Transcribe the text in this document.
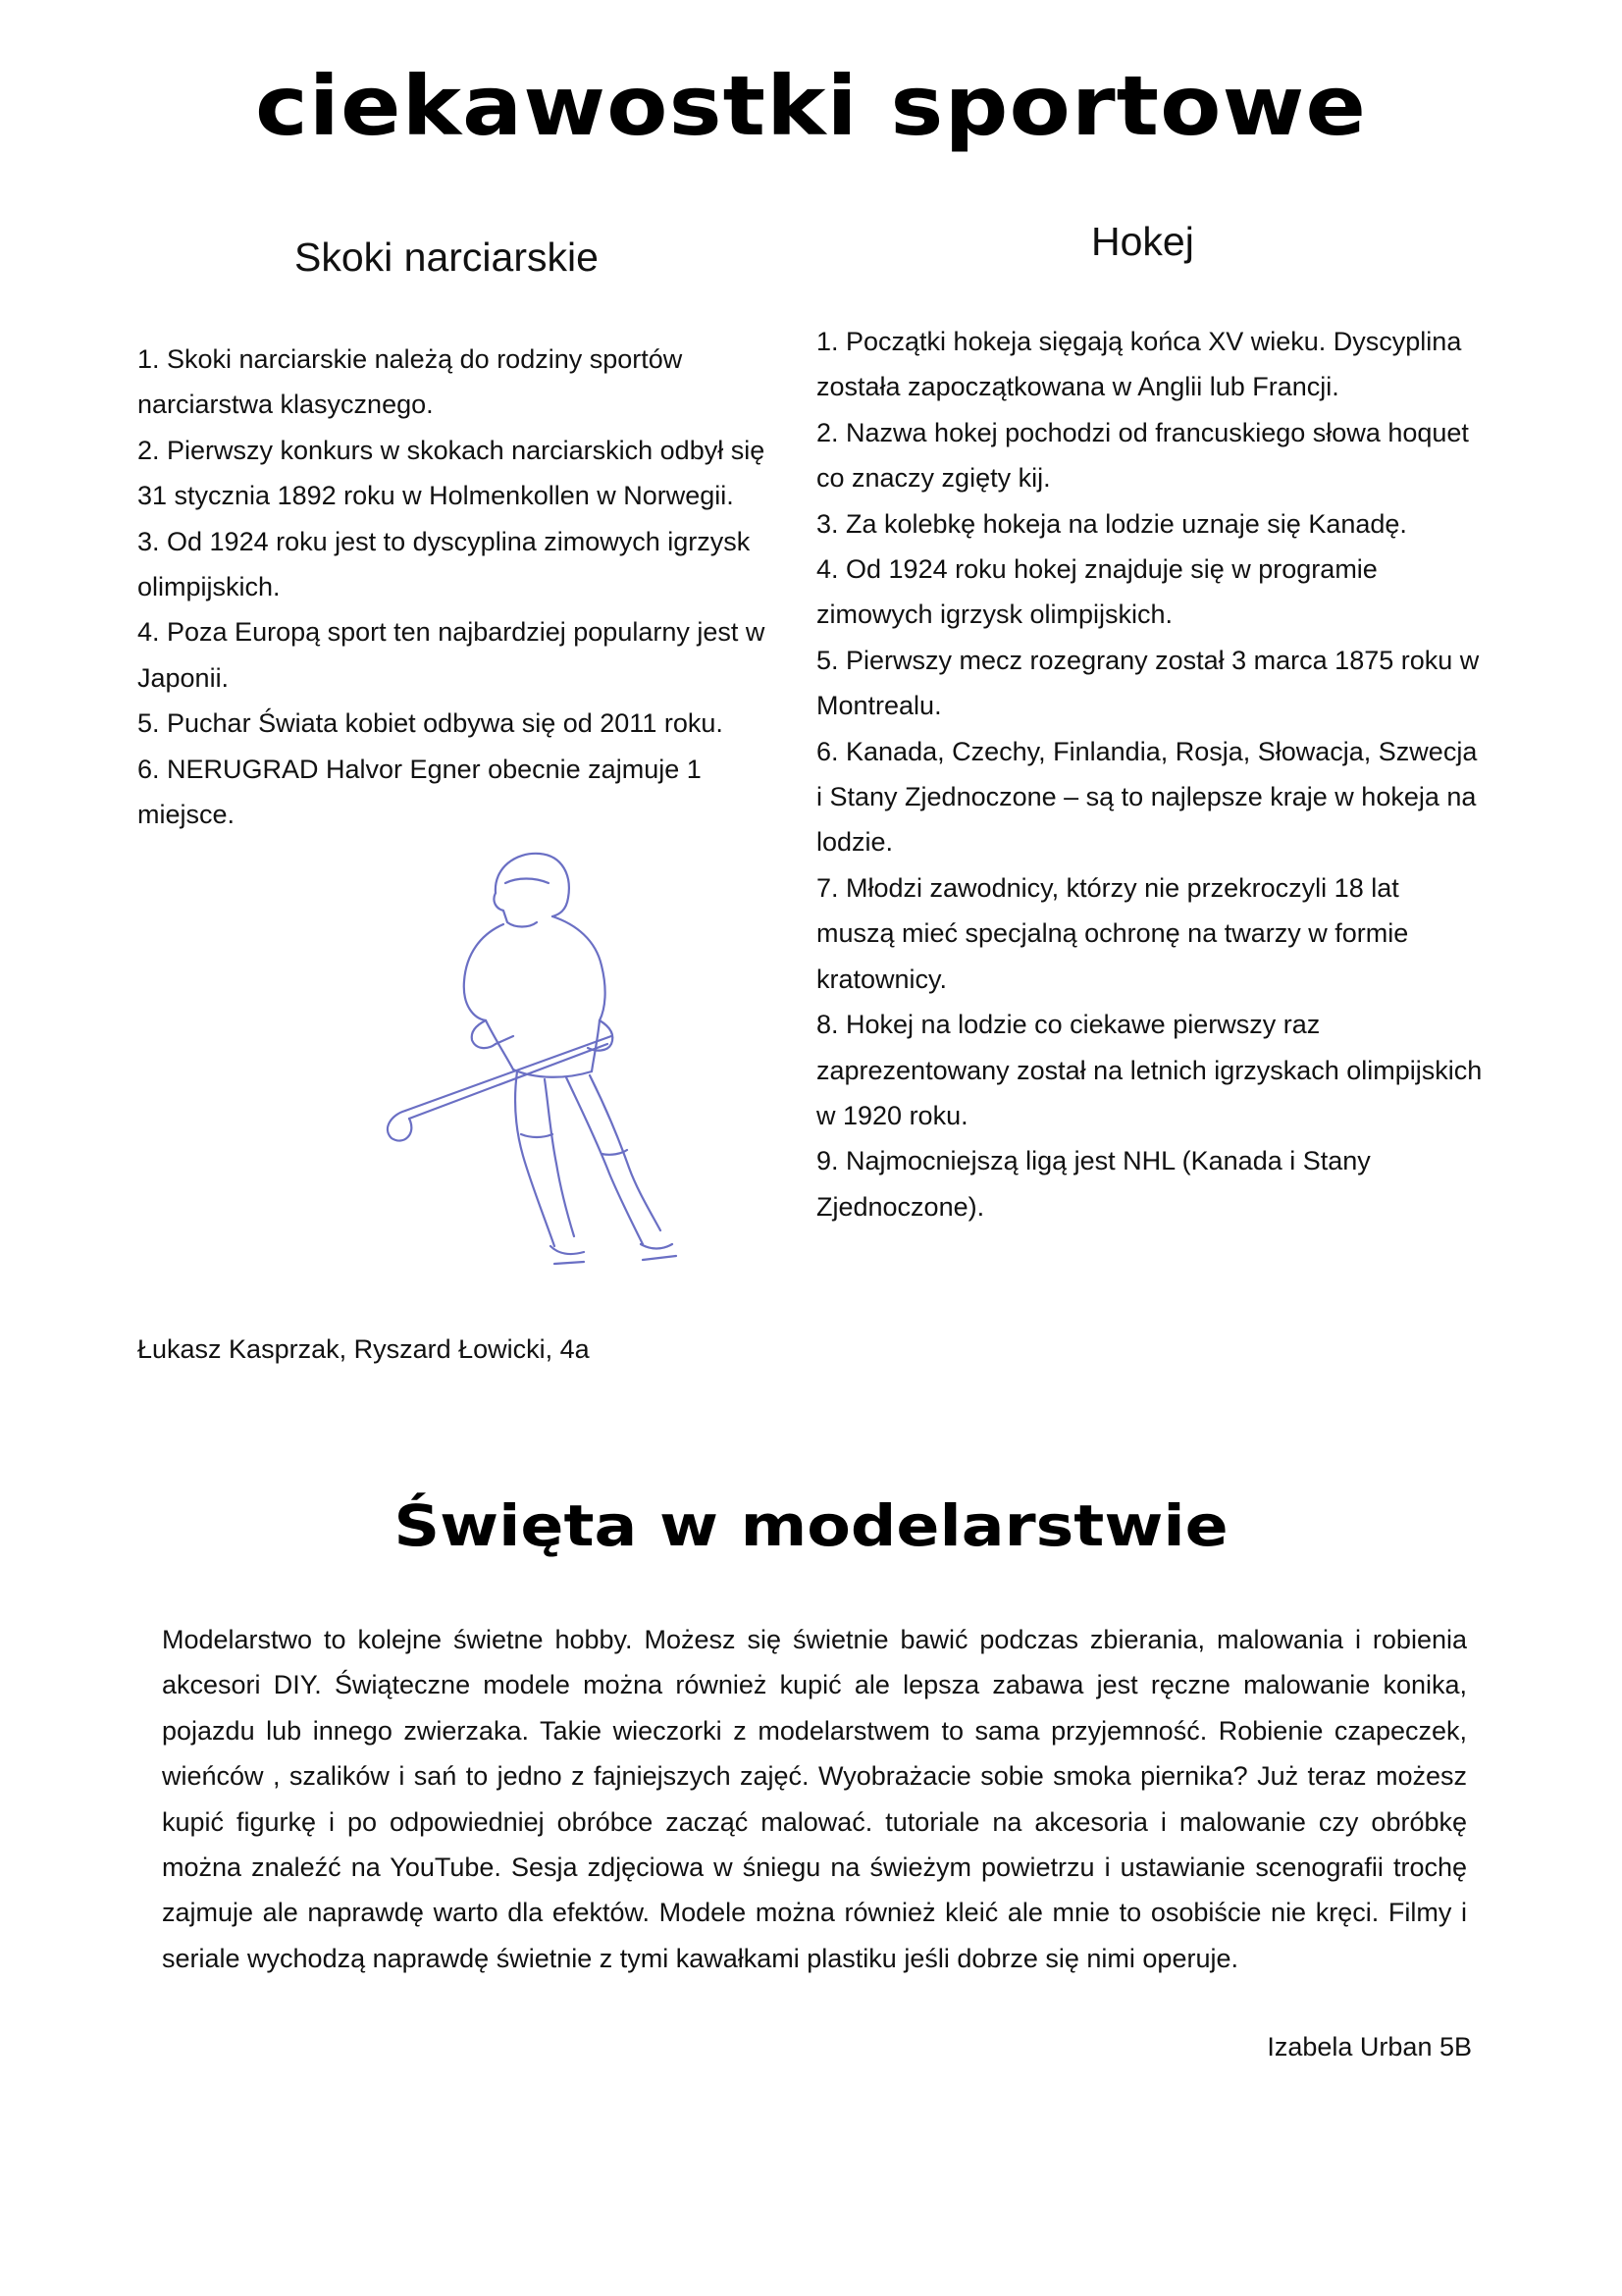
ciekawostki sportowe
Skoki narciarskie
1. Skoki narciarskie należą do rodziny sportów narciarstwa klasycznego.
2. Pierwszy konkurs w skokach narciarskich odbył się 31 stycznia 1892 roku w Holmenkollen w Norwegii.
3. Od 1924 roku jest to dyscyplina zimowych igrzysk olimpijskich.
4. Poza Europą sport ten najbardziej popularny jest w Japonii.
5. Puchar Świata kobiet odbywa się od 2011 roku.
6. NERUGRAD Halvor Egner obecnie zajmuje 1 miejsce.
Hokej
1. Początki hokeja sięgają końca XV wieku. Dyscyplina została zapoczątkowana w Anglii lub Francji.
2. Nazwa hokej pochodzi od francuskiego słowa hoquet co znaczy zgięty kij.
3. Za kolebkę hokeja na lodzie uznaje się Kanadę.
4. Od 1924 roku hokej znajduje się w programie zimowych igrzysk olimpijskich.
5. Pierwszy mecz rozegrany został 3 marca 1875 roku w Montrealu.
6. Kanada, Czechy, Finlandia, Rosja, Słowacja, Szwecja i Stany Zjednoczone – są to najlepsze kraje w hokeja na lodzie.
7. Młodzi zawodnicy, którzy nie przekroczyli 18 lat muszą mieć specjalną ochronę na twarzy w formie kratownicy.
8. Hokej na lodzie co ciekawe pierwszy raz zaprezentowany został na letnich igrzyskach olimpijskich w 1920 roku.
9. Najmocniejszą ligą jest NHL (Kanada i Stany Zjednoczone).
Łukasz Kasprzak, Ryszard Łowicki, 4a
Święta w modelarstwie

Modelarstwo to kolejne świetne hobby. Możesz się świetnie bawić podczas zbierania, malowania i robienia akcesori DIY. Świąteczne modele można również kupić ale lepsza zabawa jest ręczne malowanie konika, pojazdu lub innego zwierzaka. Takie wieczorki z modelarstwem to sama przyjemność. Robienie czapeczek, wieńców , szalików i sań to jedno z fajniejszych zajęć. Wyobrażacie sobie smoka piernika? Już teraz możesz kupić figurkę i po odpowiedniej obróbce zacząć malować. tutoriale na akcesoria i malowanie czy obróbkę można znaleźć na YouTube. Sesja zdjęciowa w śniegu na świeżym powietrzu i ustawianie scenografii trochę zajmuje ale naprawdę warto dla efektów. Modele można również kleić ale mnie to osobiście nie kręci. Filmy i seriale wychodzą naprawdę świetnie z tymi kawałkami plastiku jeśli dobrze się nimi operuje.

Izabela Urban 5B
